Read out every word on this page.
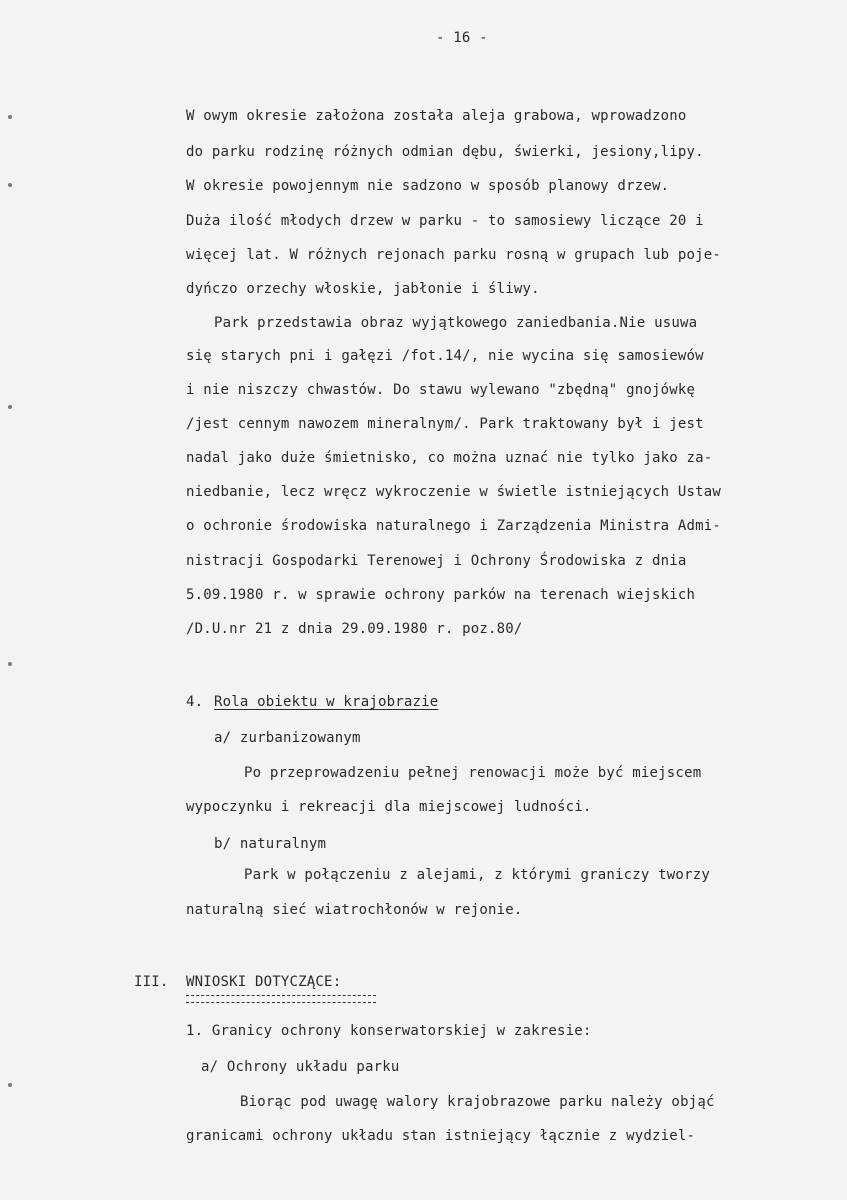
- 16 -
W owym okresie założona została aleja grabowa, wprowadzono
do parku rodzinę różnych odmian dębu, świerki, jesiony,lipy.
W okresie powojennym nie sadzono w sposób planowy drzew.
Duża ilość młodych drzew w parku - to samosiewy liczące 20 i
więcej lat. W różnych rejonach parku rosną w grupach lub poje-
dyńczo orzechy włoskie, jabłonie i śliwy.
Park przedstawia obraz wyjątkowego zaniedbania.Nie usuwa
się starych pni i gałęzi /fot.14/, nie wycina się samosiewów
i nie niszczy chwastów. Do stawu wylewano "zbędną" gnojówkę
/jest cennym nawozem mineralnym/. Park traktowany był i jest
nadal jako duże śmietnisko, co można uznać nie tylko jako za-
niedbanie, lecz wręcz wykroczenie w świetle istniejących Ustaw
o ochronie środowiska naturalnego i Zarządzenia Ministra Admi-
nistracji Gospodarki Terenowej i Ochrony Środowiska z dnia
5.09.1980 r. w sprawie ochrony parków na terenach wiejskich
/D.U.nr 21 z dnia 29.09.1980 r. poz.80/
4. Rola obiektu w krajobrazie
a/ zurbanizowanym
Po przeprowadzeniu pełnej renowacji może być miejscem
wypoczynku i rekreacji dla miejscowej ludności.
b/ naturalnym
Park w połączeniu z alejami, z którymi graniczy tworzy
naturalną sieć wiatrochłonów w rejonie.
III. WNIOSKI DOTYCZĄCE:
1. Granicy ochrony konserwatorskiej w zakresie:
a/ Ochrony układu parku
Biorąc pod uwagę walory krajobrazowe parku należy objąć
granicami ochrony układu stan istniejący łącznie z wydziel-
